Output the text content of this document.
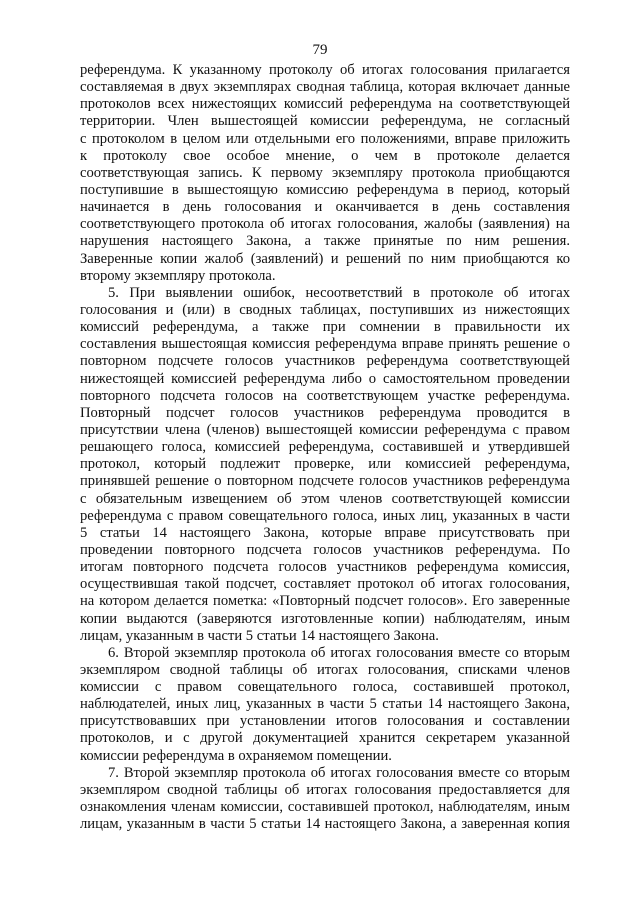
79
референдума. К указанному протоколу об итогах голосования прилагается
составляемая в двух экземплярах сводная таблица, которая включает данные
протоколов всех нижестоящих комиссий референдума на соответствующей
территории. Член вышестоящей комиссии референдума, не согласный
с протоколом в целом или отдельными его положениями, вправе приложить
к протоколу свое особое мнение, о чем в протоколе делается
соответствующая запись. К первому экземпляру протокола приобщаются
поступившие в вышестоящую комиссию референдума в период, который
начинается в день голосования и оканчивается в день составления
соответствующего протокола об итогах голосования, жалобы (заявления) на
нарушения настоящего Закона, а также принятые по ним решения.
Заверенные копии жалоб (заявлений) и решений по ним приобщаются ко
второму экземпляру протокола.
5. При выявлении ошибок, несоответствий в протоколе об итогах
голосования и (или) в сводных таблицах, поступивших из нижестоящих
комиссий референдума, а также при сомнении в правильности их
составления вышестоящая комиссия референдума вправе принять решение о
повторном подсчете голосов участников референдума соответствующей
нижестоящей комиссией референдума либо о самостоятельном проведении
повторного подсчета голосов на соответствующем участке референдума.
Повторный подсчет голосов участников референдума проводится в
присутствии члена (членов) вышестоящей комиссии референдума с правом
решающего голоса, комиссией референдума, составившей и утвердившей
протокол, который подлежит проверке, или комиссией референдума,
принявшей решение о повторном подсчете голосов участников референдума
с обязательным извещением об этом членов соответствующей комиссии
референдума с правом совещательного голоса, иных лиц, указанных в части
5 статьи 14 настоящего Закона, которые вправе присутствовать при
проведении повторного подсчета голосов участников референдума. По
итогам повторного подсчета голосов участников референдума комиссия,
осуществившая такой подсчет, составляет протокол об итогах голосования,
на котором делается пометка: «Повторный подсчет голосов». Его заверенные
копии выдаются (заверяются изготовленные копии) наблюдателям, иным
лицам, указанным в части 5 статьи 14 настоящего Закона.
6. Второй экземпляр протокола об итогах голосования вместе со вторым
экземпляром сводной таблицы об итогах голосования, списками членов
комиссии с правом совещательного голоса, составившей протокол,
наблюдателей, иных лиц, указанных в части 5 статьи 14 настоящего Закона,
присутствовавших при установлении итогов голосования и составлении
протоколов, и с другой документацией хранится секретарем указанной
комиссии референдума в охраняемом помещении.
7. Второй экземпляр протокола об итогах голосования вместе со вторым
экземпляром сводной таблицы об итогах голосования предоставляется для
ознакомления членам комиссии, составившей протокол, наблюдателям, иным
лицам, указанным в части 5 статьи 14 настоящего Закона, а заверенная копия
